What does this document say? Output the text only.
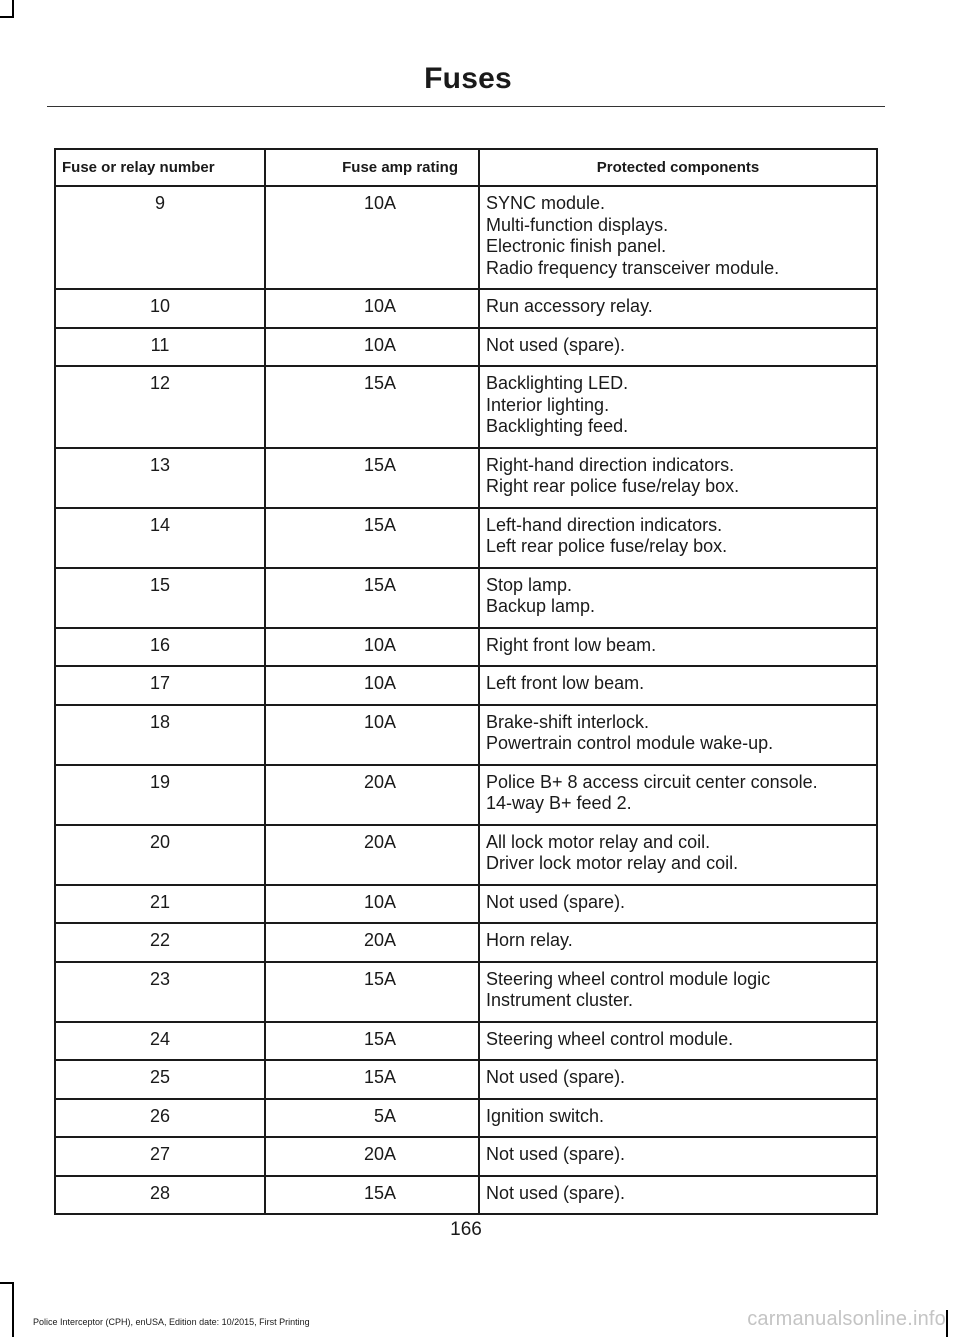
Fuses
Fuse or relay number	Fuse amp rating	Protected components
9	10A	SYNC module.
Multi-function displays.
Electronic finish panel.
Radio frequency transceiver module.

10	10A	Run accessory relay.

11	10A	Not used (spare).

12	15A	Backlighting LED.
Interior lighting.
Backlighting feed.

13	15A	Right-hand direction indicators.
Right rear police fuse/relay box.

14	15A	Left-hand direction indicators.
Left rear police fuse/relay box.

15	15A	Stop lamp.
Backup lamp.

16	10A	Right front low beam.

17	10A	Left front low beam.

18	10A	Brake-shift interlock.
Powertrain control module wake-up.

19	20A	Police B+ 8 access circuit center console.
14-way B+ feed 2.

20	20A	All lock motor relay and coil.
Driver lock motor relay and coil.

21	10A	Not used (spare).

22	20A	Horn relay.

23	15A	Steering wheel control module logic
Instrument cluster.

24	15A	Steering wheel control module.

25	15A	Not used (spare).

26	5A	Ignition switch.

27	20A	Not used (spare).

28	15A	Not used (spare).
166
Police Interceptor (CPH), enUSA, Edition date: 10/2015, First Printing	carmanualsonline.info
